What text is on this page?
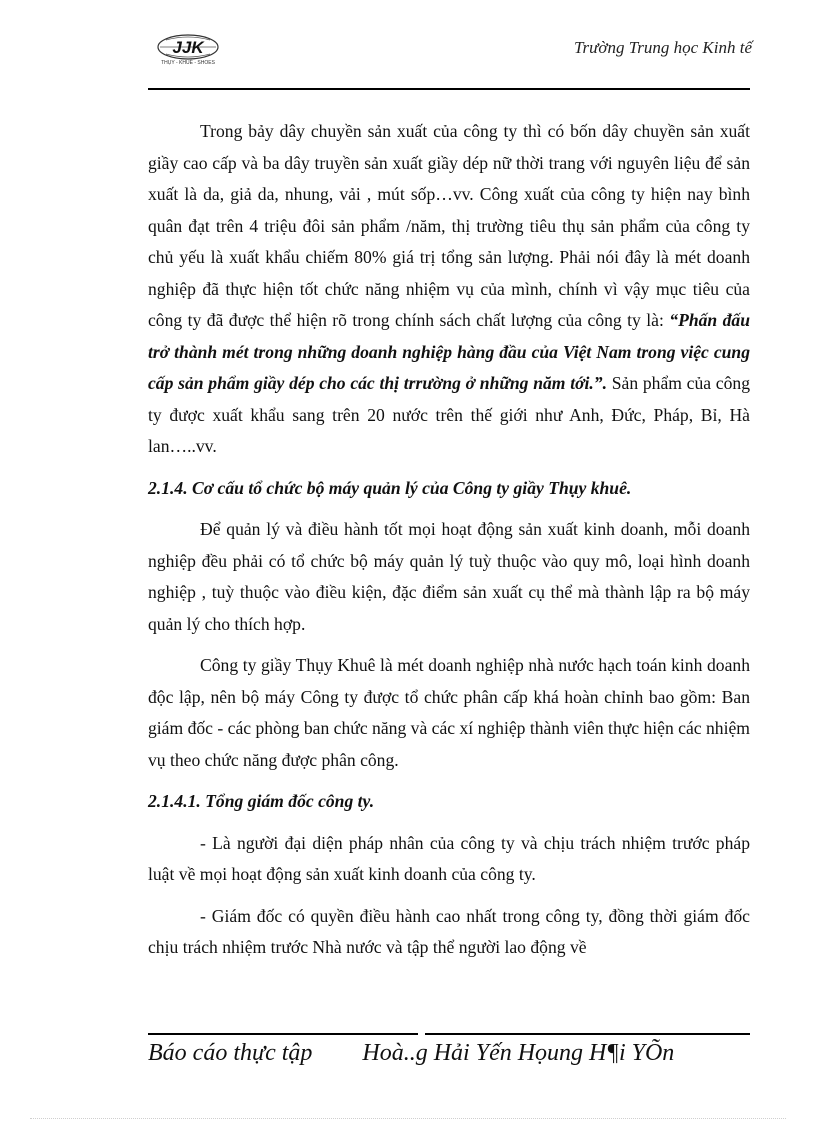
JJK
THỤY - KHUÊ - SHOES
Trường Trung học Kinh tế

Trong bảy dây chuyền sản xuất của công ty thì có bốn dây chuyền sản xuất giầy cao cấp và ba dây truyền sản xuất giầy dép nữ thời trang với nguyên liệu để sản xuất là da, giả da, nhung, vải , mút sốp…vv. Công xuất của công ty hiện nay bình quân đạt trên 4 triệu đôi sản phẩm /năm, thị trường tiêu thụ sản phẩm của công ty chủ yếu là xuất khẩu chiếm 80% giá trị tổng sản lượng. Phải nói đây là mét doanh nghiệp đã thực hiện tốt chức năng nhiệm vụ của mình, chính vì vậy mục tiêu của công ty đã được thể hiện rõ trong chính sách chất lượng của công ty là: “Phấn đấu trở thành mét trong những doanh nghiệp hàng đầu của Việt Nam trong việc cung cấp sản phẩm giầy dép cho các thị trrường ở những năm tới.”. Sản phẩm của công ty được xuất khẩu sang trên 20 nước trên thế giới như Anh, Đức, Pháp, Bỉ, Hà lan…..vv.

2.1.4. Cơ cấu tổ chức bộ máy quản lý của Công ty giầy Thụy khuê.

Để quản lý và điều hành tốt mọi hoạt động sản xuất kinh doanh, mỗi doanh nghiệp đều phải có tổ chức bộ máy quản lý tuỳ thuộc vào quy mô, loại hình doanh nghiệp , tuỳ thuộc vào điều kiện, đặc điểm sản xuất cụ thể mà thành lập ra bộ máy quản lý cho thích hợp.

Công ty giầy Thụy Khuê là mét doanh nghiệp nhà nước hạch toán kinh doanh độc lập, nên bộ máy Công ty được tổ chức phân cấp khá hoàn chỉnh bao gồm: Ban giám đốc - các phòng ban chức năng và các xí nghiệp thành viên thực hiện các nhiệm vụ theo chức năng được phân công.

2.1.4.1. Tổng giám đốc công ty.

- Là người đại diện pháp nhân của công ty và chịu trách nhiệm trước pháp luật về mọi hoạt động sản xuất kinh doanh của công ty.

- Giám đốc có quyền điều hành cao nhất trong công ty, đồng thời giám đốc chịu trách nhiệm trước Nhà nước và tập thể người lao động về

Báo cáo thực tập Hoà..g Hải Yến Họung H¶i YÕn
